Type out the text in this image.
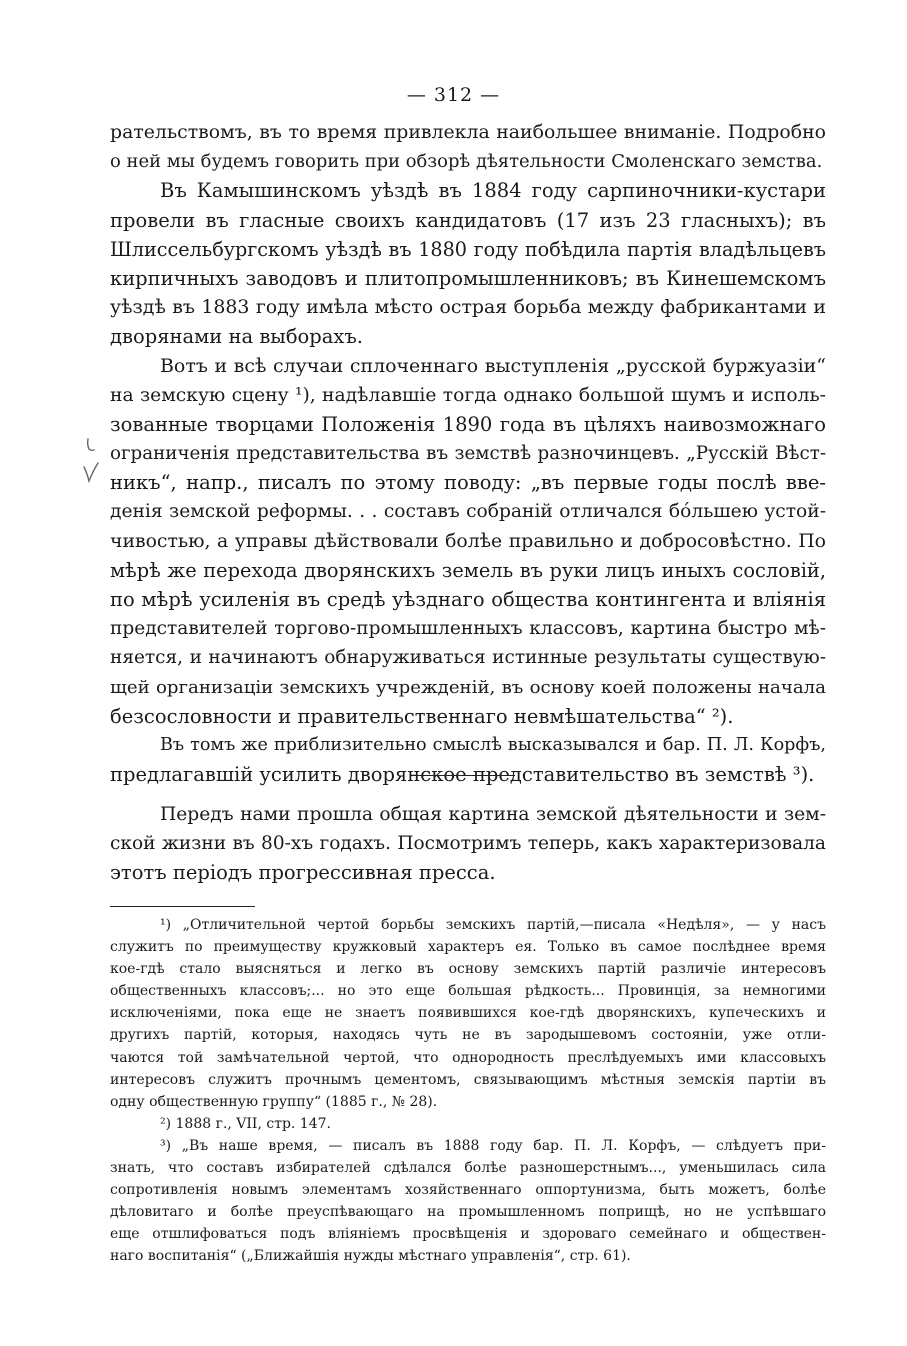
— 312 —
рательствомъ, въ то время привлекла наибольшее вниманіе. Подробно
о ней мы будемъ говорить при обзорѣ дѣятельности Смоленскаго земства.
Въ Камышинскомъ уѣздѣ въ 1884 году сарпиночники-кустари
провели въ гласные своихъ кандидатовъ (17 изъ 23 гласныхъ); въ
Шлиссельбургскомъ уѣздѣ въ 1880 году побѣдила партія владѣльцевъ
кирпичныхъ заводовъ и плитопромышленниковъ; въ Кинешемскомъ
уѣздѣ въ 1883 году имѣла мѣсто острая борьба между фабрикантами и
дворянами на выборахъ.
Вотъ и всѣ случаи сплоченнаго выступленія „русской буржуазіи“
на земскую сцену ¹), надѣлавшіе тогда однако большой шумъ и исполь-
зованные творцами Положенія 1890 года въ цѣляхъ наивозможнаго
ограниченія представительства въ земствѣ разночинцевъ. „Русскій Вѣст-
никъ“, напр., писалъ по этому поводу: „въ первые годы послѣ вве-
денія земской реформы. . . составъ собраній отличался бóльшею устой-
чивостью, а управы дѣйствовали болѣе правильно и добросовѣстно. По
мѣрѣ же перехода дворянскихъ земель въ руки лицъ иныхъ сословій,
по мѣрѣ усиленія въ средѣ уѣзднаго общества контингента и вліянія
представителей торгово-промышленныхъ классовъ, картина быстро мѣ-
няется, и начинаютъ обнаруживаться истинные результаты существую-
щей организаціи земскихъ учрежденій, въ основу коей положены начала
безсословности и правительственнаго невмѣшательства“ ²).
Въ томъ же приблизительно смыслѣ высказывался и бар. П. Л. Корфъ,
предлагавшій усилить дворянское представительство въ земствѣ ³).
Передъ нами прошла общая картина земской дѣятельности и зем-
ской жизни въ 80-хъ годахъ. Посмотримъ теперь, какъ характеризовала
этотъ періодъ прогрессивная пресса.
¹) „Отличительной чертой борьбы земскихъ партій,—писала «Недѣля», — у насъ
служитъ по преимуществу кружковый характеръ ея. Только въ самое послѣднее время
кое-гдѣ стало выясняться и легко въ основу земскихъ партій различіе интересовъ
общественныхъ классовъ;... но это еще большая рѣдкость... Провинція, за немногими
исключеніями, пока еще не знаетъ появившихся кое-гдѣ дворянскихъ, купеческихъ и
другихъ партій, которыя, находясь чуть не въ зародышевомъ состояніи, уже отли-
чаются той замѣчательной чертой, что однородность преслѣдуемыхъ ими классовыхъ
интересовъ служитъ прочнымъ цементомъ, связывающимъ мѣстныя земскія партіи въ
одну общественную группу“ (1885 г., № 28).
²) 1888 г., VII, стр. 147.
³) „Въ наше время, — писалъ въ 1888 году бар. П. Л. Корфъ, — слѣдуетъ при-
знать, что составъ избирателей сдѣлался болѣе разношерстнымъ..., уменьшилась сила
сопротивленія новымъ элементамъ хозяйственнаго оппортунизма, быть можетъ, болѣе
дѣловитаго и болѣе преуспѣвающаго на промышленномъ поприщѣ, но не успѣвшаго
еще отшлифоваться подъ вліяніемъ просвѣщенія и здороваго семейнаго и обществен-
наго воспитанія“ („Ближайшія нужды мѣстнаго управленія“, стр. 61).
